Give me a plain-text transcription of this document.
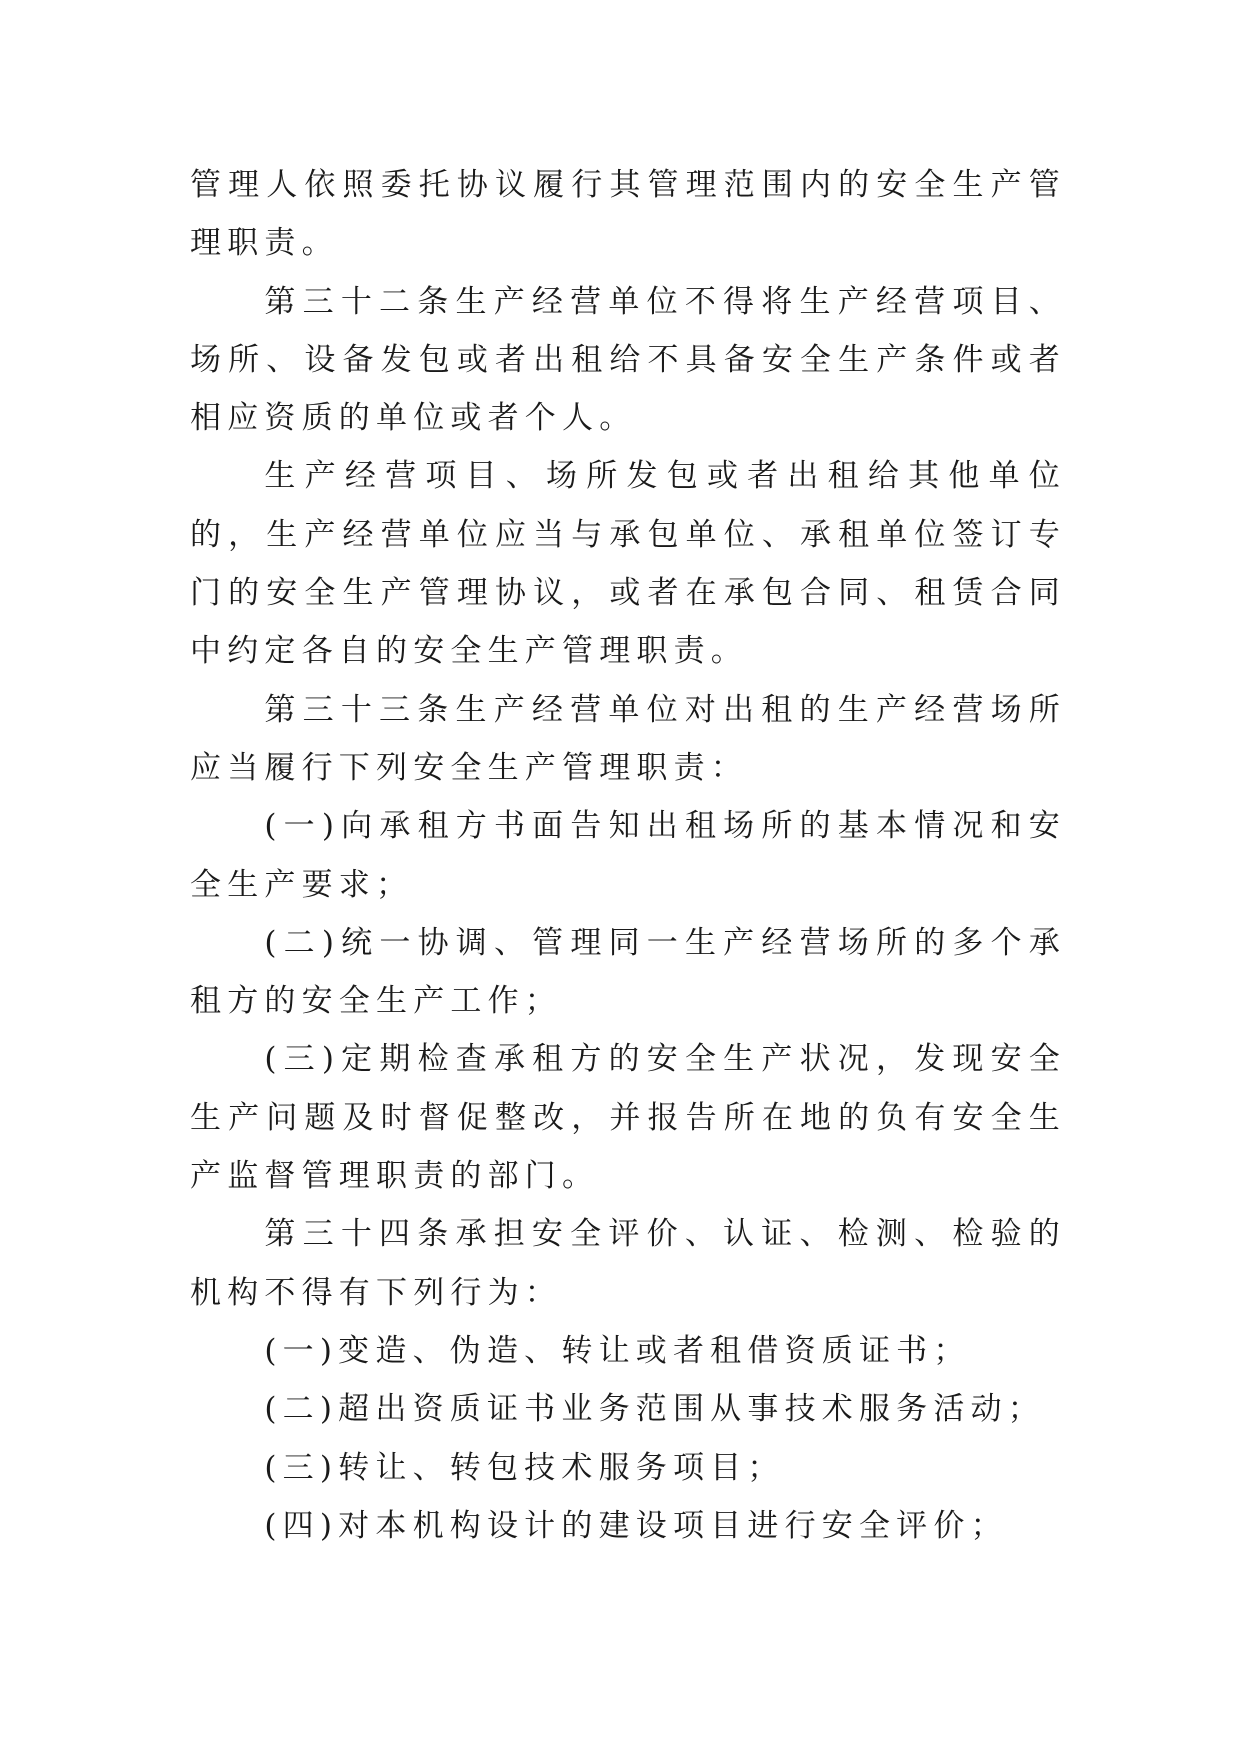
管理人依照委托协议履行其管理范围内的安全生产管理职责。

第三十二条生产经营单位不得将生产经营项目、场所、设备发包或者出租给不具备安全生产条件或者相应资质的单位或者个人。

生产经营项目、场所发包或者出租给其他单位的，生产经营单位应当与承包单位、承租单位签订专门的安全生产管理协议，或者在承包合同、租赁合同中约定各自的安全生产管理职责。

第三十三条生产经营单位对出租的生产经营场所应当履行下列安全生产管理职责：

(一)向承租方书面告知出租场所的基本情况和安全生产要求；

(二)统一协调、管理同一生产经营场所的多个承租方的安全生产工作；

(三)定期检查承租方的安全生产状况，发现安全生产问题及时督促整改，并报告所在地的负有安全生产监督管理职责的部门。

第三十四条承担安全评价、认证、检测、检验的机构不得有下列行为：

(一)变造、伪造、转让或者租借资质证书；

(二)超出资质证书业务范围从事技术服务活动；

(三)转让、转包技术服务项目；

(四)对本机构设计的建设项目进行安全评价；
